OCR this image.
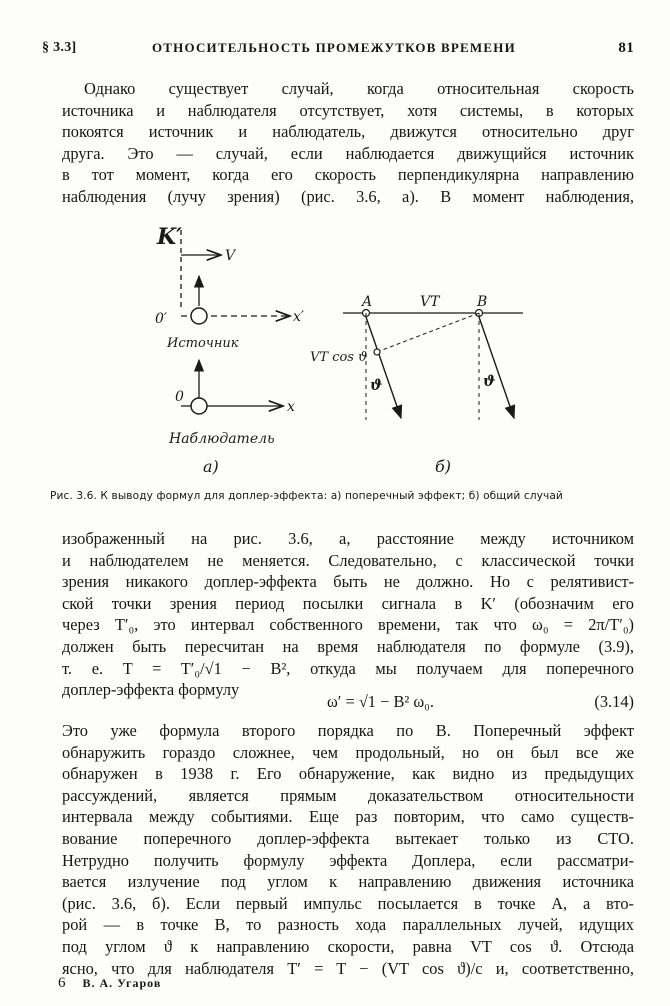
§ 3.3]	ОТНОСИТЕЛЬНОСТЬ ПРОМЕЖУТКОВ ВРЕМЕНИ	81
Однако существует случай, когда относительная скорость
источника и наблюдателя отсутствует, хотя системы, в которых
покоятся источник и наблюдатель, движутся относительно друг
друга. Это — случай, если наблюдается движущийся источник
в тот момент, когда его скорость перпендикулярна направлению
наблюдения (лучу зрения) (рис. 3.6, а). В момент наблюдения,
K′
V
0′	x′
Источник
0
x
Наблюдатель
а)
A	VT	B
VT cos ϑ
ϑ	ϑ
б)
Рис. 3.6. К выводу формул для доплер-эффекта: а) поперечный эффект; б) общий случай
изображенный на рис. 3.6, а, расстояние между источником
и наблюдателем не меняется. Следовательно, с классической точки
зрения никакого доплер-эффекта быть не должно. Но с релятивист-
ской точки зрения период посылки сигнала в K′ (обозначим его
через T′₀, это интервал собственного времени, так что ω₀ = 2π/T′₀)
должен быть пересчитан на время наблюдателя по формуле (3.9),
т. е. T = T′₀/√1 − B², откуда мы получаем для поперечного
доплер-эффекта формулу
ω′ = √1 − B² ω₀.	(3.14)
Это уже формула второго порядка по B. Поперечный эффект
обнаружить гораздо сложнее, чем продольный, но он был все же
обнаружен в 1938 г. Его обнаружение, как видно из предыдущих
рассуждений, является прямым доказательством относительности
интервала между событиями. Еще раз повторим, что само существ-
вование поперечного доплер-эффекта вытекает только из СТО.
Нетрудно получить формулу эффекта Доплера, если рассматри-
вается излучение под углом к направлению движения источника
(рис. 3.6, б). Если первый импульс посылается в точке A, а вто-
рой — в точке B, то разность хода параллельных лучей, идущих
под углом ϑ к направлению скорости, равна VT cos ϑ. Отсюда
ясно, что для наблюдателя T′ = T − (VT cos ϑ)/c и, соответственно,
6 В. А. Угаров
